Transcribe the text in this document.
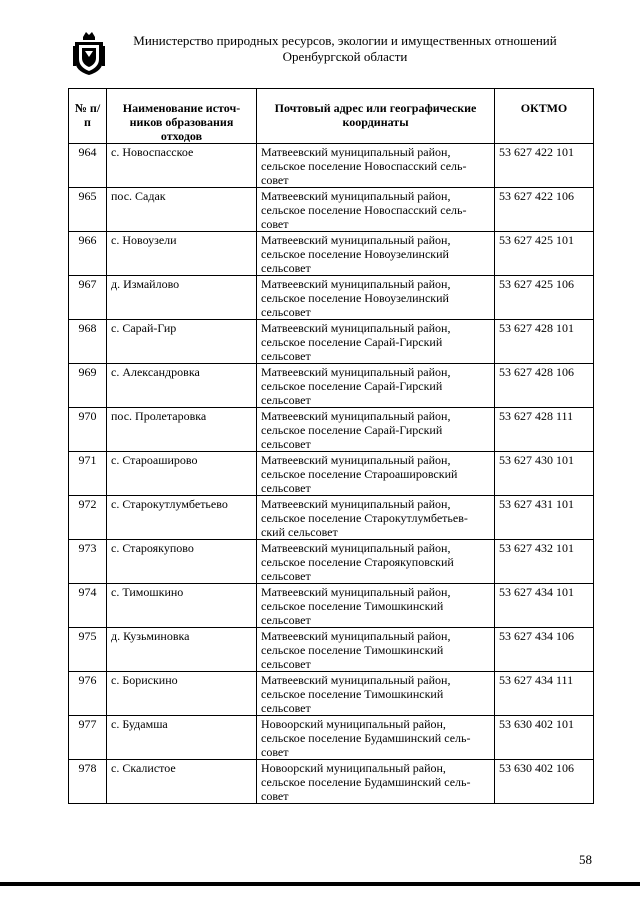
Министерство природных ресурсов, экологии и имущественных отношений
Оренбургской области
№ п/п	Наименование источ-ников образования отходов	Почтовый адрес или географические координаты	ОКТМО
964	с. Новоспасское	Матвеевский муниципальный район, сельское поселение Новоспасский сель-совет	53 627 422 101
965	пос. Садак	Матвеевский муниципальный район, сельское поселение Новоспасский сель-совет	53 627 422 106
966	с. Новоузели	Матвеевский муниципальный район, сельское поселение Новоузелинский сельсовет	53 627 425 101
967	д. Измайлово	Матвеевский муниципальный район, сельское поселение Новоузелинский сельсовет	53 627 425 106
968	с. Сарай-Гир	Матвеевский муниципальный район, сельское поселение Сарай-Гирский сельсовет	53 627 428 101
969	с. Александровка	Матвеевский муниципальный район, сельское поселение Сарай-Гирский сельсовет	53 627 428 106
970	пос. Пролетаровка	Матвеевский муниципальный район, сельское поселение Сарай-Гирский сельсовет	53 627 428 111
971	с. Староаширово	Матвеевский муниципальный район, сельское поселение Староашировский сельсовет	53 627 430 101
972	с. Старокутлумбетьево	Матвеевский муниципальный район, сельское поселение Старокутлумбетьев-ский сельсовет	53 627 431 101
973	с. Староякупово	Матвеевский муниципальный район, сельское поселение Староякуповский сельсовет	53 627 432 101
974	с. Тимошкино	Матвеевский муниципальный район, сельское поселение Тимошкинский сельсовет	53 627 434 101
975	д. Кузьминовка	Матвеевский муниципальный район, сельское поселение Тимошкинский сельсовет	53 627 434 106
976	с. Борискино	Матвеевский муниципальный район, сельское поселение Тимошкинский сельсовет	53 627 434 111
977	с. Будамша	Новоорский муниципальный район, сельское поселение Будамшинский сель-совет	53 630 402 101
978	с. Скалистое	Новоорский муниципальный район, сельское поселение Будамшинский сель-совет	53 630 402 106
58
